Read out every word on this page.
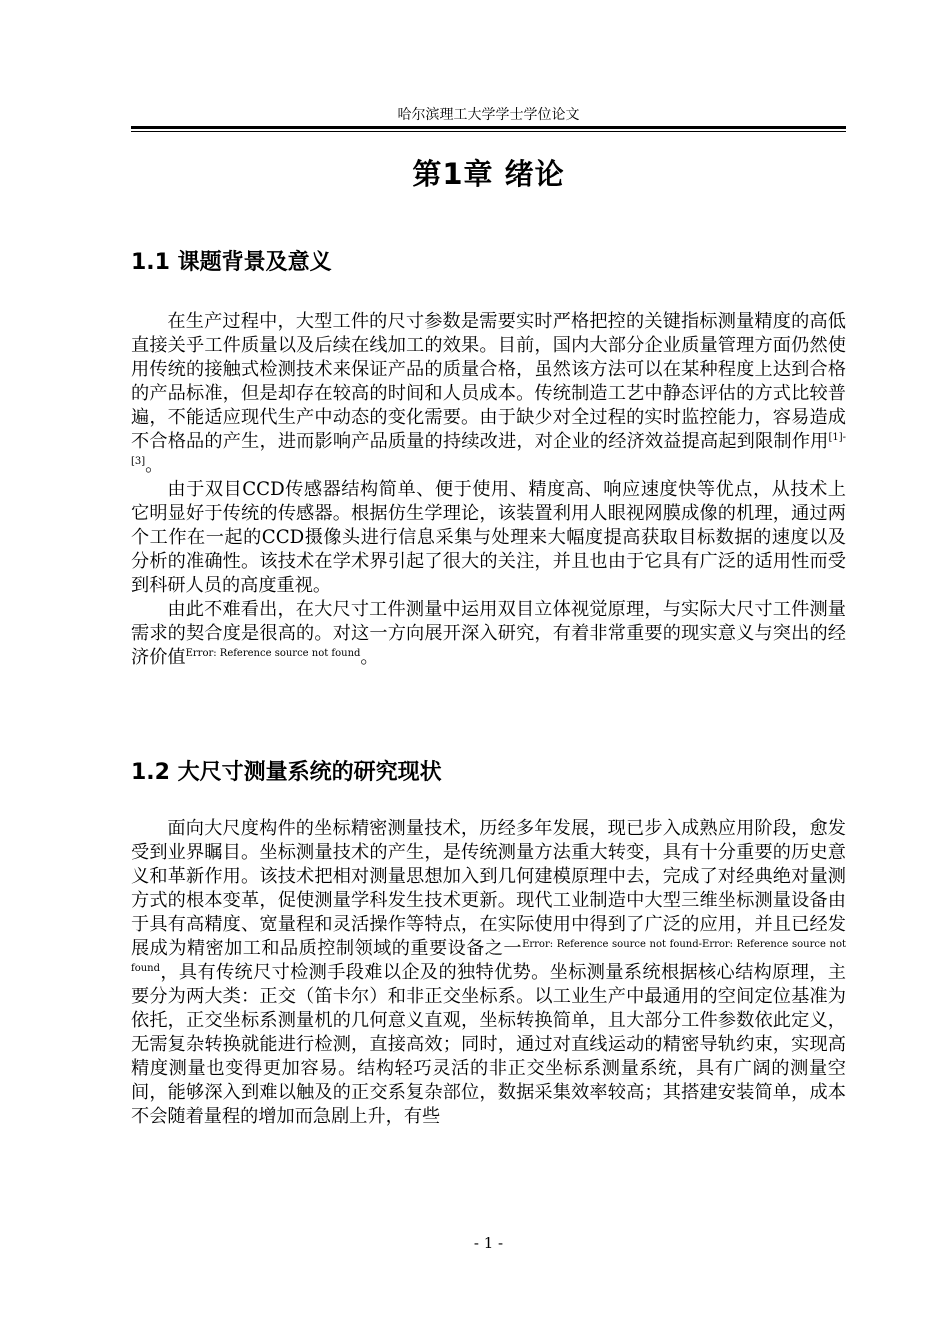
哈尔滨理工大学学士学位论文
第1章 绪论
1.1 课题背景及意义

在生产过程中，大型工件的尺寸参数是需要实时严格把控的关键指标测量精度的高低直接关乎工件质量以及后续在线加工的效果。目前，国内大部分企业质量管理方面仍然使用传统的接触式检测技术来保证产品的质量合格，虽然该方法可以在某种程度上达到合格的产品标准，但是却存在较高的时间和人员成本。传统制造工艺中静态评估的方式比较普遍，不能适应现代生产中动态的变化需要。由于缺少对全过程的实时监控能力，容易造成不合格品的产生，进而影响产品质量的持续改进，对企业的经济效益提高起到限制作用[1]-[3]。

由于双目CCD传感器结构简单、便于使用、精度高、响应速度快等优点，从技术上它明显好于传统的传感器。根据仿生学理论，该装置利用人眼视网膜成像的机理，通过两个工作在一起的CCD摄像头进行信息采集与处理来大幅度提高获取目标数据的速度以及分析的准确性。该技术在学术界引起了很大的关注，并且也由于它具有广泛的适用性而受到科研人员的高度重视。

由此不难看出，在大尺寸工件测量中运用双目立体视觉原理，与实际大尺寸工件测量需求的契合度是很高的。对这一方向展开深入研究，有着非常重要的现实意义与突出的经济价值$^{Error: Reference source not found}$。

1.2 大尺寸测量系统的研究现状

面向大尺度构件的坐标精密测量技术，历经多年发展，现已步入成熟应用阶段，愈发受到业界瞩目。坐标测量技术的产生，是传统测量方法重大转变，具有十分重要的历史意义和革新作用。该技术把相对测量思想加入到几何建模原理中去，完成了对经典绝对量测方式的根本变革，促使测量学科发生技术更新。现代工业制造中大型三维坐标测量设备由于具有高精度、宽量程和灵活操作等特点，在实际使用中得到了广泛的应用，并且已经发展成为精密加工和品质控制领域的重要设备之一$^{Error: Reference source not found-Error: Reference source not found}$，具有传统尺寸检测手段难以企及的独特优势。坐标测量系统根据核心结构原理，主要分为两大类：正交（笛卡尔）和非正交坐标系。以工业生产中最通用的空间定位基准为依托，正交坐标系测量机的几何意义直观，坐标转换简单，且大部分工件参数依此定义，无需复杂转换就能进行检测，直接高效；同时，通过对直线运动的精密导轨约束，实现高精度测量也变得更加容易。结构轻巧灵活的非正交坐标系测量系统，具有广阔的测量空间，能够深入到难以触及的正交系复杂部位，数据采集效率较高；其搭建安装简单，成本不会随着量程的增加而急剧上升，有些

- 1 -
